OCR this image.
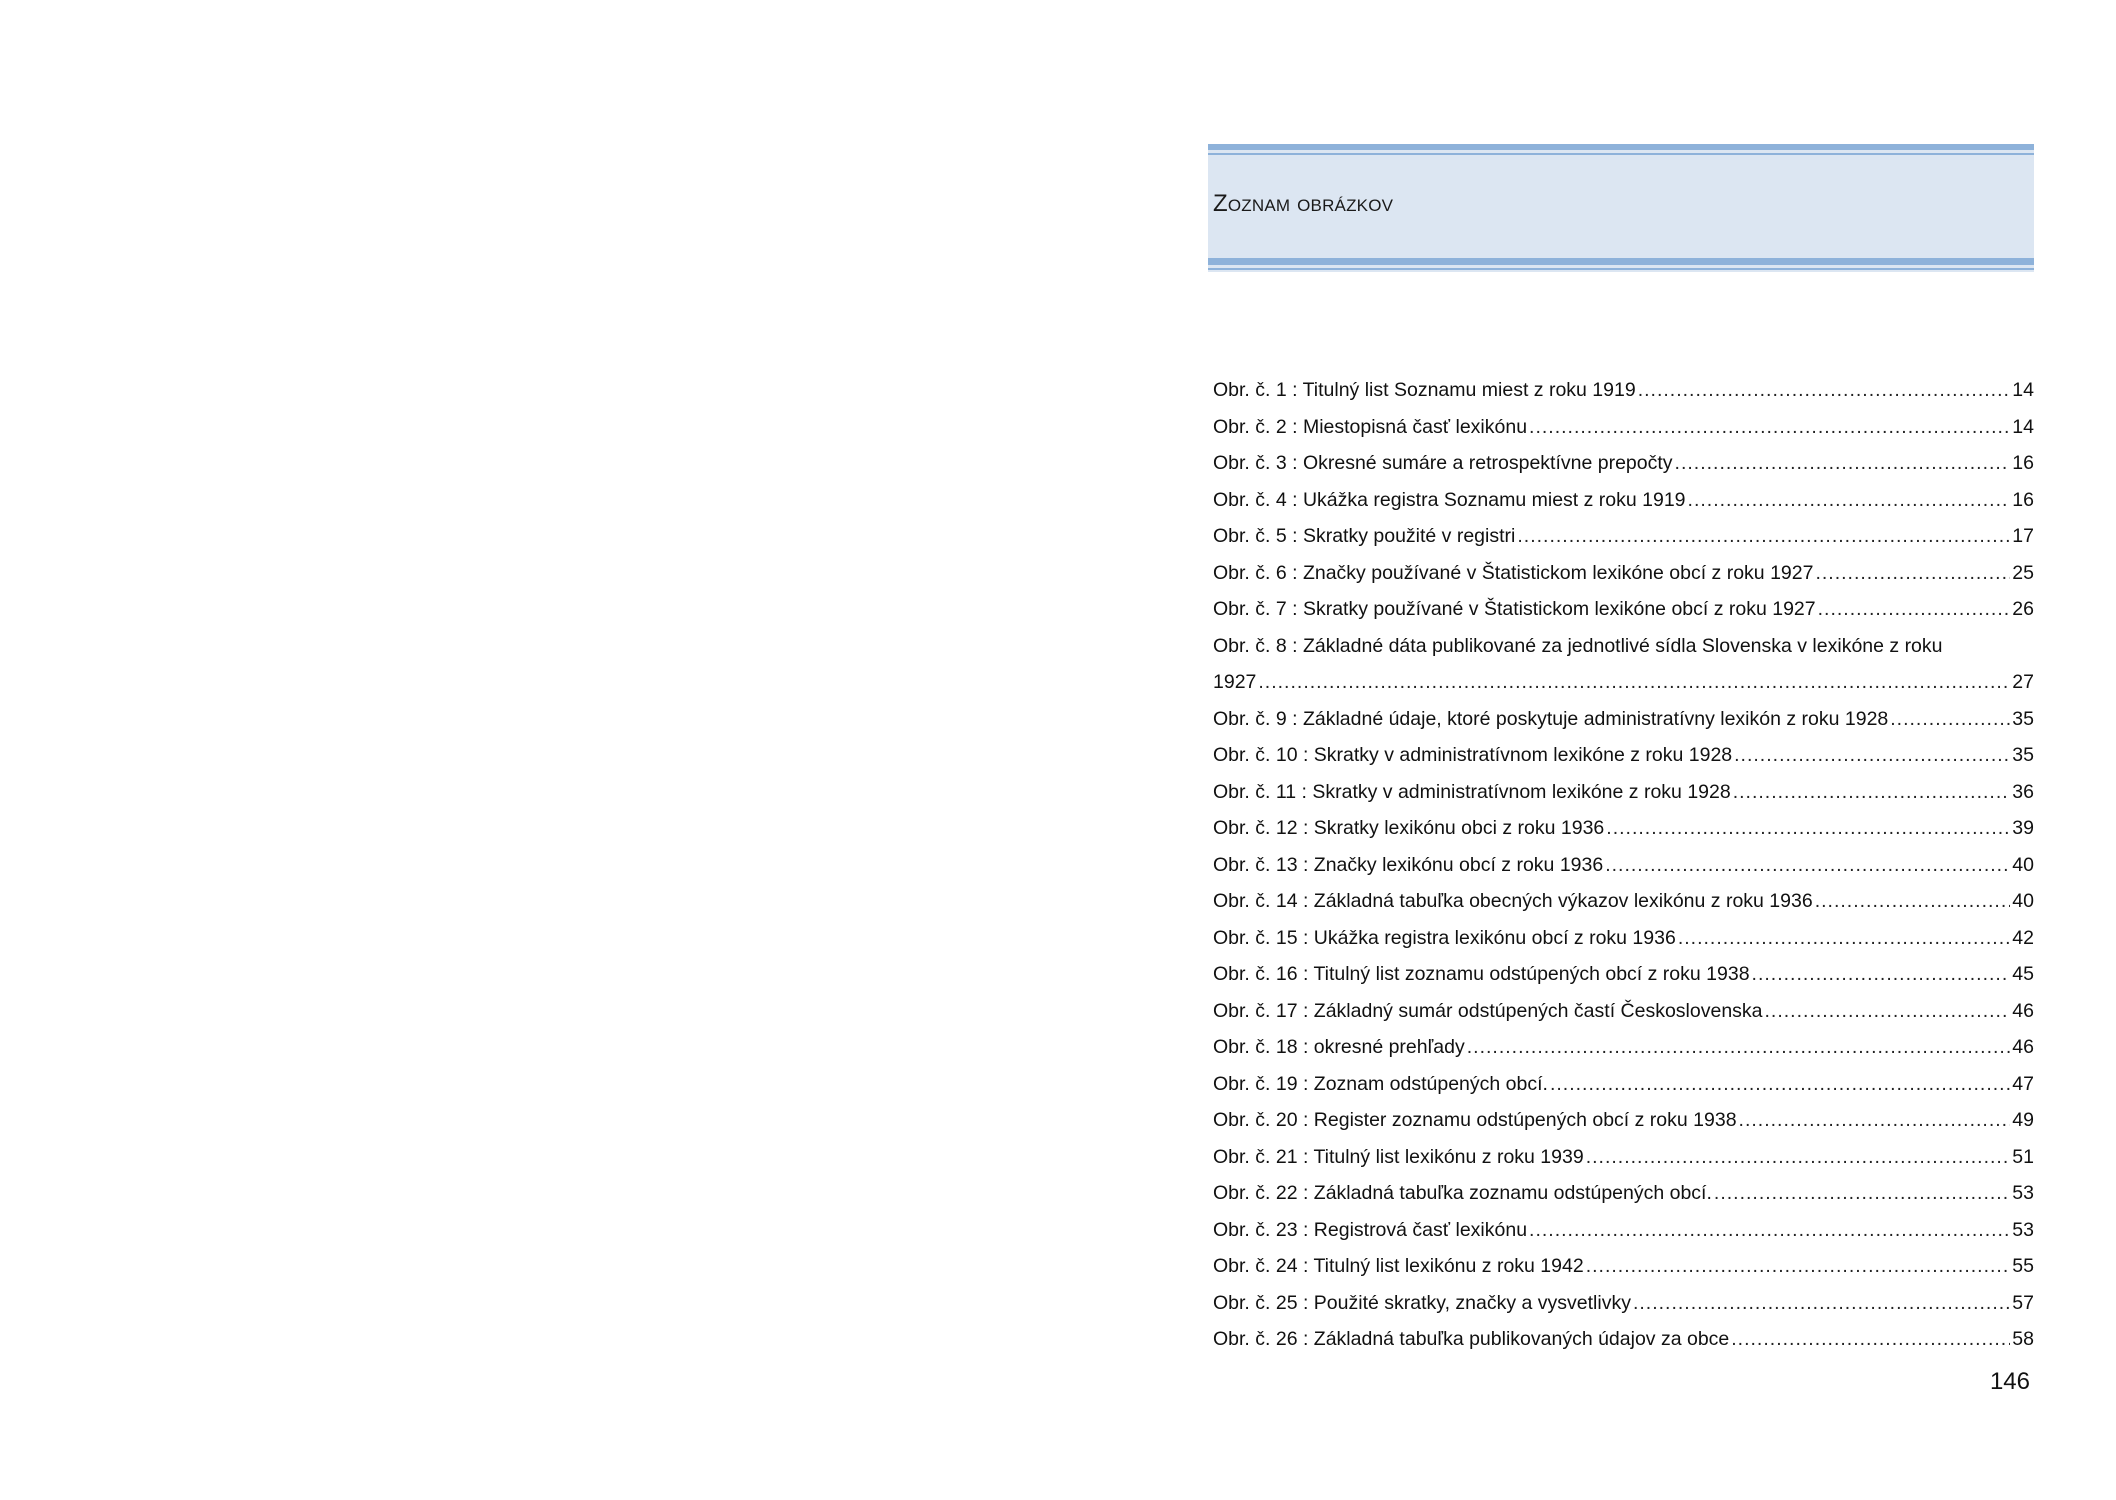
Zoznam obrázkov
Obr. č. 1 : Titulný list Soznamu miest z roku 1919 .....	14
Obr. č. 2 : Miestopisná časť lexikónu .....	14
Obr. č. 3 : Okresné sumáre a retrospektívne prepočty .....	16
Obr. č. 4 : Ukážka registra Soznamu miest z roku 1919 .....	16
Obr. č. 5 : Skratky použité v registri .....	17
Obr. č. 6 : Značky používané v Štatistickom lexikóne obcí z roku 1927 .....	25
Obr. č. 7 : Skratky používané v Štatistickom lexikóne obcí z roku 1927 .....	26
Obr. č. 8 : Základné dáta publikované za jednotlivé sídla Slovenska v lexikóne z roku
1927 .....	27
Obr. č. 9 : Základné údaje, ktoré poskytuje administratívny lexikón z roku 1928 .....	35
Obr. č. 10 : Skratky v administratívnom lexikóne z roku 1928 .....	35
Obr. č. 11 : Skratky v administratívnom lexikóne z roku 1928 .....	36
Obr. č. 12 : Skratky lexikónu obci z roku 1936 .....	39
Obr. č. 13 : Značky lexikónu obcí z roku 1936 .....	40
Obr. č. 14 : Základná tabuľka obecných výkazov lexikónu z roku 1936 .....	40
Obr. č. 15 : Ukážka registra lexikónu obcí z roku 1936 .....	42
Obr. č. 16 : Titulný list zoznamu odstúpených obcí z roku 1938 .....	45
Obr. č. 17 : Základný sumár odstúpených častí Československa .....	46
Obr. č. 18 : okresné prehľady .....	46
Obr. č. 19 : Zoznam odstúpených obcí. .....	47
Obr. č. 20 : Register zoznamu odstúpených obcí z roku 1938 .....	49
Obr. č. 21 : Titulný list lexikónu z roku 1939 .....	51
Obr. č. 22 : Základná tabuľka zoznamu odstúpených obcí. .....	53
Obr. č. 23 : Registrová časť lexikónu .....	53
Obr. č. 24 : Titulný list lexikónu z roku 1942 .....	55
Obr. č. 25 : Použité skratky, značky a vysvetlivky .....	57
Obr. č. 26 : Základná tabuľka publikovaných údajov za obce .....	58
146
